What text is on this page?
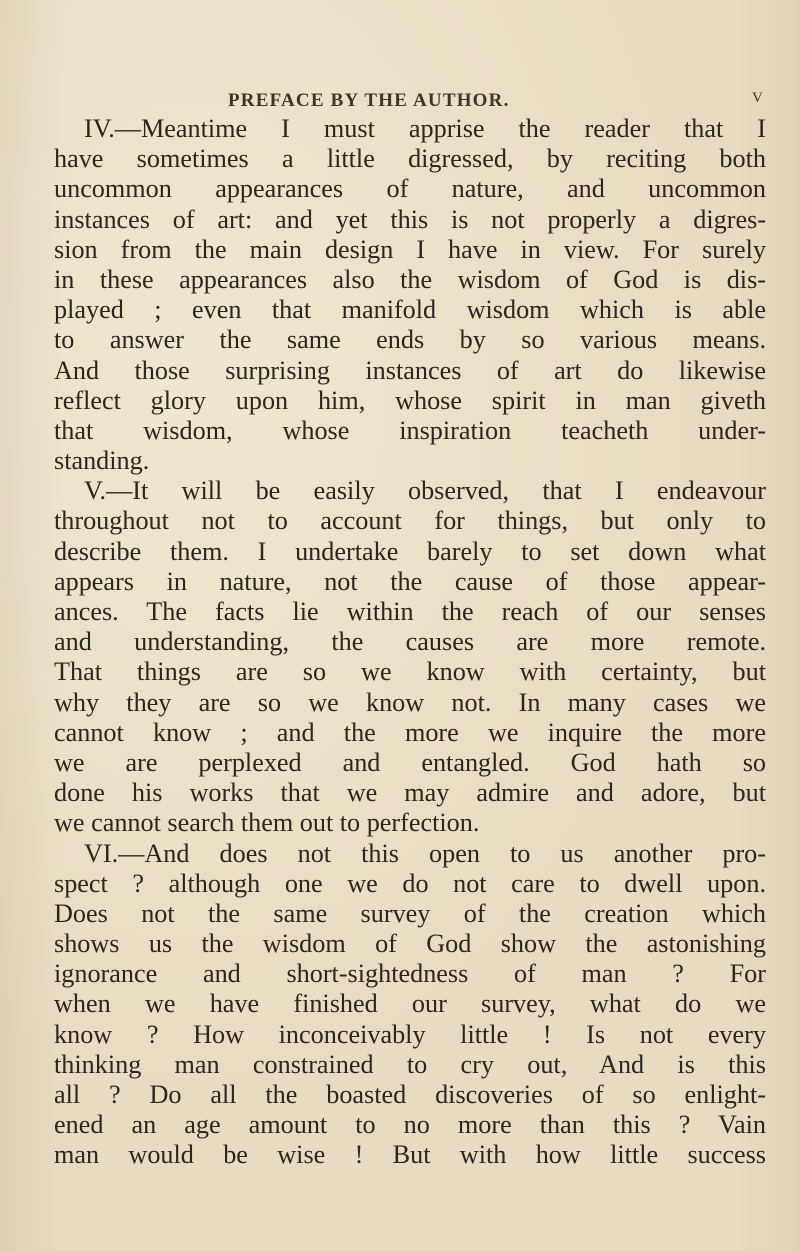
PREFACE BY THE AUTHOR.	V
IV.—Meantime I must apprise the reader that I
have sometimes a little digressed, by reciting both
uncommon appearances of nature, and uncommon
instances of art: and yet this is not properly a digres-
sion from the main design I have in view. For surely
in these appearances also the wisdom of God is dis-
played ; even that manifold wisdom which is able
to answer the same ends by so various means.
And those surprising instances of art do likewise
reflect glory upon him, whose spirit in man giveth
that wisdom, whose inspiration teacheth under-
standing.
V.—It will be easily observed, that I endeavour
throughout not to account for things, but only to
describe them. I undertake barely to set down what
appears in nature, not the cause of those appear-
ances. The facts lie within the reach of our senses
and understanding, the causes are more remote.
That things are so we know with certainty, but
why they are so we know not. In many cases we
cannot know ; and the more we inquire the more
we are perplexed and entangled. God hath so
done his works that we may admire and adore, but
we cannot search them out to perfection.
VI.—And does not this open to us another pro-
spect ? although one we do not care to dwell upon.
Does not the same survey of the creation which
shows us the wisdom of God show the astonishing
ignorance and short-sightedness of man ? For
when we have finished our survey, what do we
know ? How inconceivably little ! Is not every
thinking man constrained to cry out, And is this
all ? Do all the boasted discoveries of so enlight-
ened an age amount to no more than this ? Vain
man would be wise ! But with how little success
